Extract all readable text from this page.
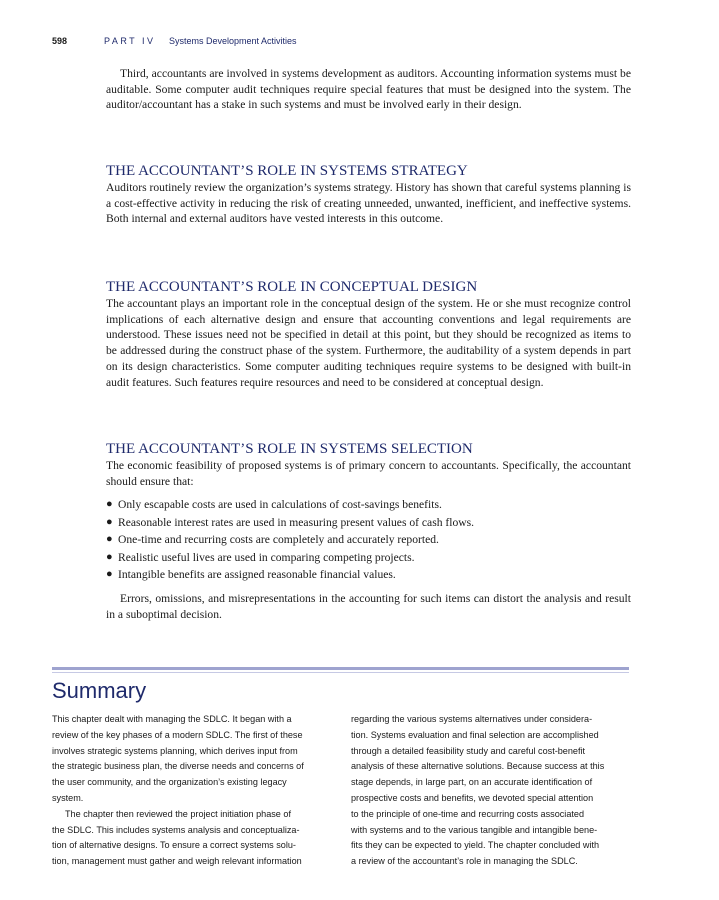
598	PART IV Systems Development Activities

Third, accountants are involved in systems development as auditors. Accounting information systems must be auditable. Some computer audit techniques require special features that must be designed into the system. The auditor/accountant has a stake in such systems and must be involved early in their design.

THE ACCOUNTANT’S ROLE IN SYSTEMS STRATEGY

Auditors routinely review the organization’s systems strategy. History has shown that careful systems planning is a cost-effective activity in reducing the risk of creating unneeded, unwanted, inefficient, and ineffective systems. Both internal and external auditors have vested interests in this outcome.

THE ACCOUNTANT’S ROLE IN CONCEPTUAL DESIGN

The accountant plays an important role in the conceptual design of the system. He or she must recognize control implications of each alternative design and ensure that accounting conventions and legal requirements are understood. These issues need not be specified in detail at this point, but they should be recognized as items to be addressed during the construct phase of the system. Furthermore, the auditability of a system depends in part on its design characteristics. Some computer auditing techniques require systems to be designed with built-in audit features. Such features require resources and need to be considered at conceptual design.

THE ACCOUNTANT’S ROLE IN SYSTEMS SELECTION

The economic feasibility of proposed systems is of primary concern to accountants. Specifically, the accountant should ensure that:

● Only escapable costs are used in calculations of cost-savings benefits.
● Reasonable interest rates are used in measuring present values of cash flows.
● One-time and recurring costs are completely and accurately reported.
● Realistic useful lives are used in comparing competing projects.
● Intangible benefits are assigned reasonable financial values.

Errors, omissions, and misrepresentations in the accounting for such items can distort the analysis and result in a suboptimal decision.

Summary

This chapter dealt with managing the SDLC. It began with a

review of the key phases of a modern SDLC. The first of these

involves strategic systems planning, which derives input from

the strategic business plan, the diverse needs and concerns of

the user community, and the organization’s existing legacy

system.

The chapter then reviewed the project initiation phase of

the SDLC. This includes systems analysis and conceptualiza-

tion of alternative designs. To ensure a correct systems solu-

tion, management must gather and weigh relevant information

regarding the various systems alternatives under considera-

tion. Systems evaluation and final selection are accomplished

through a detailed feasibility study and careful cost-benefit

analysis of these alternative solutions. Because success at this

stage depends, in large part, on an accurate identification of

prospective costs and benefits, we devoted special attention

to the principle of one-time and recurring costs associated

with systems and to the various tangible and intangible bene-

fits they can be expected to yield. The chapter concluded with

a review of the accountant’s role in managing the SDLC.
